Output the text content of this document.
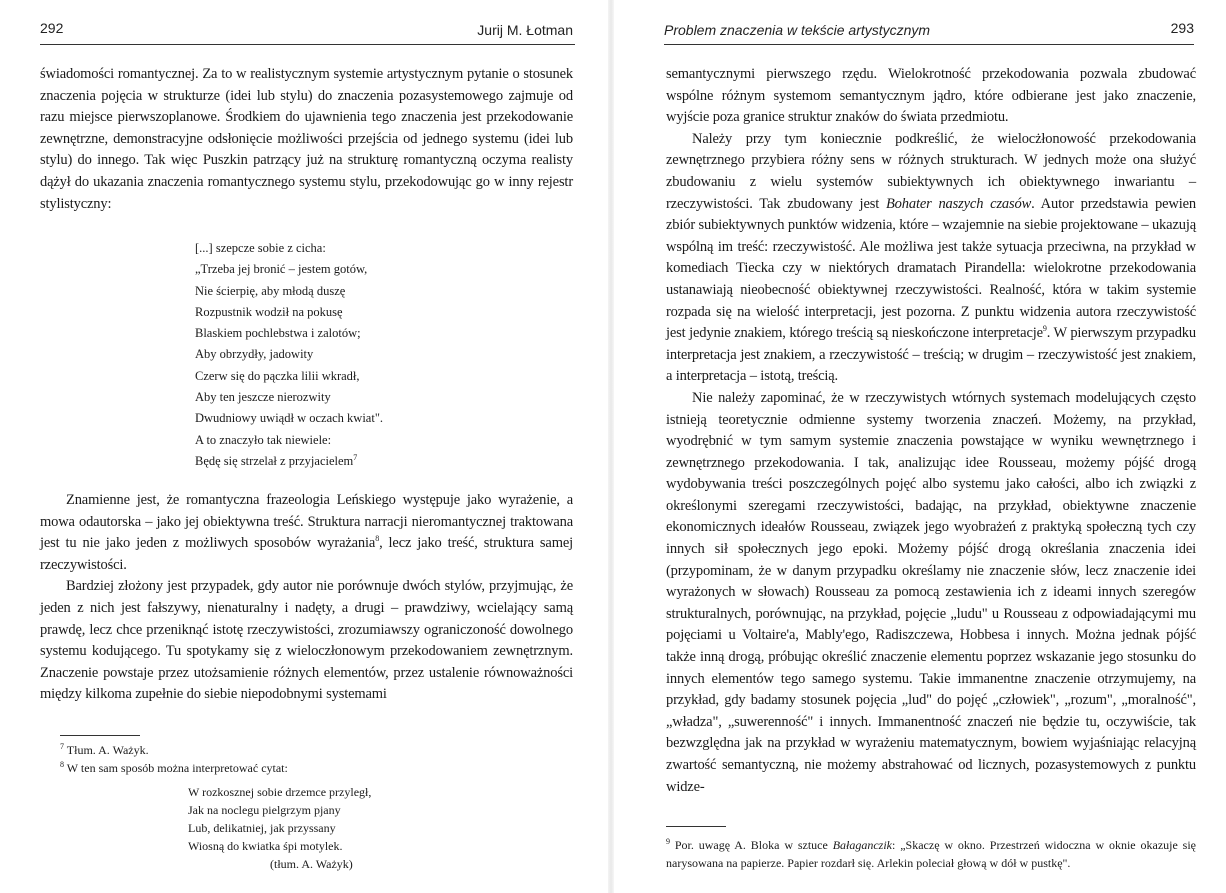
292	Jurij M. Łotman

świadomości romantycznej. Za to w realistycznym systemie artystycznym pytanie o stosunek znaczenia pojęcia w strukturze (idei lub stylu) do znaczenia pozasystemowego zajmuje od razu miejsce pierwszoplanowe. Środkiem do ujawnienia tego znaczenia jest przekodowanie zewnętrzne, demonstracyjne odsłonięcie możliwości przejścia od jednego systemu (idei lub stylu) do innego. Tak więc Puszkin patrzący już na strukturę romantyczną oczyma realisty dążył do ukazania znaczenia romantycznego systemu stylu, przekodowując go w inny rejestr stylistyczny:

[...] szepcze sobie z cicha:
„Trzeba jej bronić – jestem gotów,
Nie ścierpię, aby młodą duszę
Rozpustnik wodził na pokusę
Blaskiem pochlebstwa i zalotów;
Aby obrzydły, jadowity
Czerw się do pączka lilii wkradł,
Aby ten jeszcze nierozwity
Dwudniowy uwiądł w oczach kwiat".
A to znaczyło tak niewiele:
Będę się strzelał z przyjacielem$^7$

Znamienne jest, że romantyczna frazeologia Leńskiego występuje jako wyrażenie, a mowa odautorska – jako jej obiektywna treść. Struktura narracji nieromantycznej traktowana jest tu nie jako jeden z możliwych sposobów wyrażania$^8$, lecz jako treść, struktura samej rzeczywistości.

Bardziej złożony jest przypadek, gdy autor nie porównuje dwóch stylów, przyjmując, że jeden z nich jest fałszywy, nienaturalny i nadęty, a drugi – prawdziwy, wcielający samą prawdę, lecz chce przeniknąć istotę rzeczywistości, zrozumiawszy ograniczoność dowolnego systemu kodującego. Tu spotykamy się z wieloczłonowym przekodowaniem zewnętrznym. Znaczenie powstaje przez utożsamienie różnych elementów, przez ustalenie równoważności między kilkoma zupełnie do siebie niepodobnymi systemami

$^7$ Tłum. A. Ważyk.

$^8$ W ten sam sposób można interpretować cytat:

W rozkosznej sobie drzemce przyległ,
Jak na noclegu pielgrzym pjany
Lub, delikatniej, jak przyssany
Wiosną do kwiatka śpi motylek.
(tłum. A. Ważyk)
Problem znaczenia w tekście artystycznym	293

semantycznymi pierwszego rzędu. Wielokrotność przekodowania pozwala zbudować wspólne różnym systemom semantycznym jądro, które odbierane jest jako znaczenie, wyjście poza granice struktur znaków do świata przedmiotu.

Należy przy tym koniecznie podkreślić, że wielocżłonowość przekodowania zewnętrznego przybiera różny sens w różnych strukturach. W jednych może ona służyć zbudowaniu z wielu systemów subiektywnych ich obiektywnego inwariantu – rzeczywistości. Tak zbudowany jest Bohater naszych czasów. Autor przedstawia pewien zbiór subiektywnych punktów widzenia, które – wzajemnie na siebie projektowane – ukazują wspólną im treść: rzeczywistość. Ale możliwa jest także sytuacja przeciwna, na przykład w komediach Tiecka czy w niektórych dramatach Pirandella: wielokrotne przekodowania ustanawiają nieobecność obiektywnej rzeczywistości. Realność, która w takim systemie rozpada się na wielość interpretacji, jest pozorna. Z punktu widzenia autora rzeczywistość jest jedynie znakiem, którego treścią są nieskończone interpretacje$^9$. W pierwszym przypadku interpretacja jest znakiem, a rzeczywistość – treścią; w drugim – rzeczywistość jest znakiem, a interpretacja – istotą, treścią.

Nie należy zapominać, że w rzeczywistych wtórnych systemach modelujących często istnieją teoretycznie odmienne systemy tworzenia znaczeń. Możemy, na przykład, wyodrębnić w tym samym systemie znaczenia powstające w wyniku wewnętrznego i zewnętrznego przekodowania. I tak, analizując idee Rousseau, możemy pójść drogą wydobywania treści poszczególnych pojęć albo systemu jako całości, albo ich związki z określonymi szeregami rzeczywistości, badając, na przykład, obiektywne znaczenie ekonomicznych ideałów Rousseau, związek jego wyobrażeń z praktyką społeczną tych czy innych sił społecznych jego epoki. Możemy pójść drogą określania znaczenia idei (przypominam, że w danym przypadku określamy nie znaczenie słów, lecz znaczenie idei wyrażonych w słowach) Rousseau za pomocą zestawienia ich z ideami innych szeregów strukturalnych, porównując, na przykład, pojęcie „ludu" u Rousseau z odpowiadającymi mu pojęciami u Voltaire'a, Mably'ego, Radiszczewa, Hobbesa i innych. Można jednak pójść także inną drogą, próbując określić znaczenie elementu poprzez wskazanie jego stosunku do innych elementów tego samego systemu. Takie immanentne znaczenie otrzymujemy, na przykład, gdy badamy stosunek pojęcia „lud" do pojęć „człowiek", „rozum", „moralność", „władza", „suwerenność" i innych. Immanentność znaczeń nie będzie tu, oczywiście, tak bezwzględna jak na przykład w wyrażeniu matematycznym, bowiem wyjaśniając relacyjną zwartość semantyczną, nie możemy abstrahować od licznych, pozasystemowych z punktu widze-

$^9$ Por. uwagę A. Bloka w sztuce Bałaganczik: „Skaczę w okno. Przestrzeń widoczna w oknie okazuje się narysowana na papierze. Papier rozdarł się. Arlekin poleciał głową w dół w pustkę".
